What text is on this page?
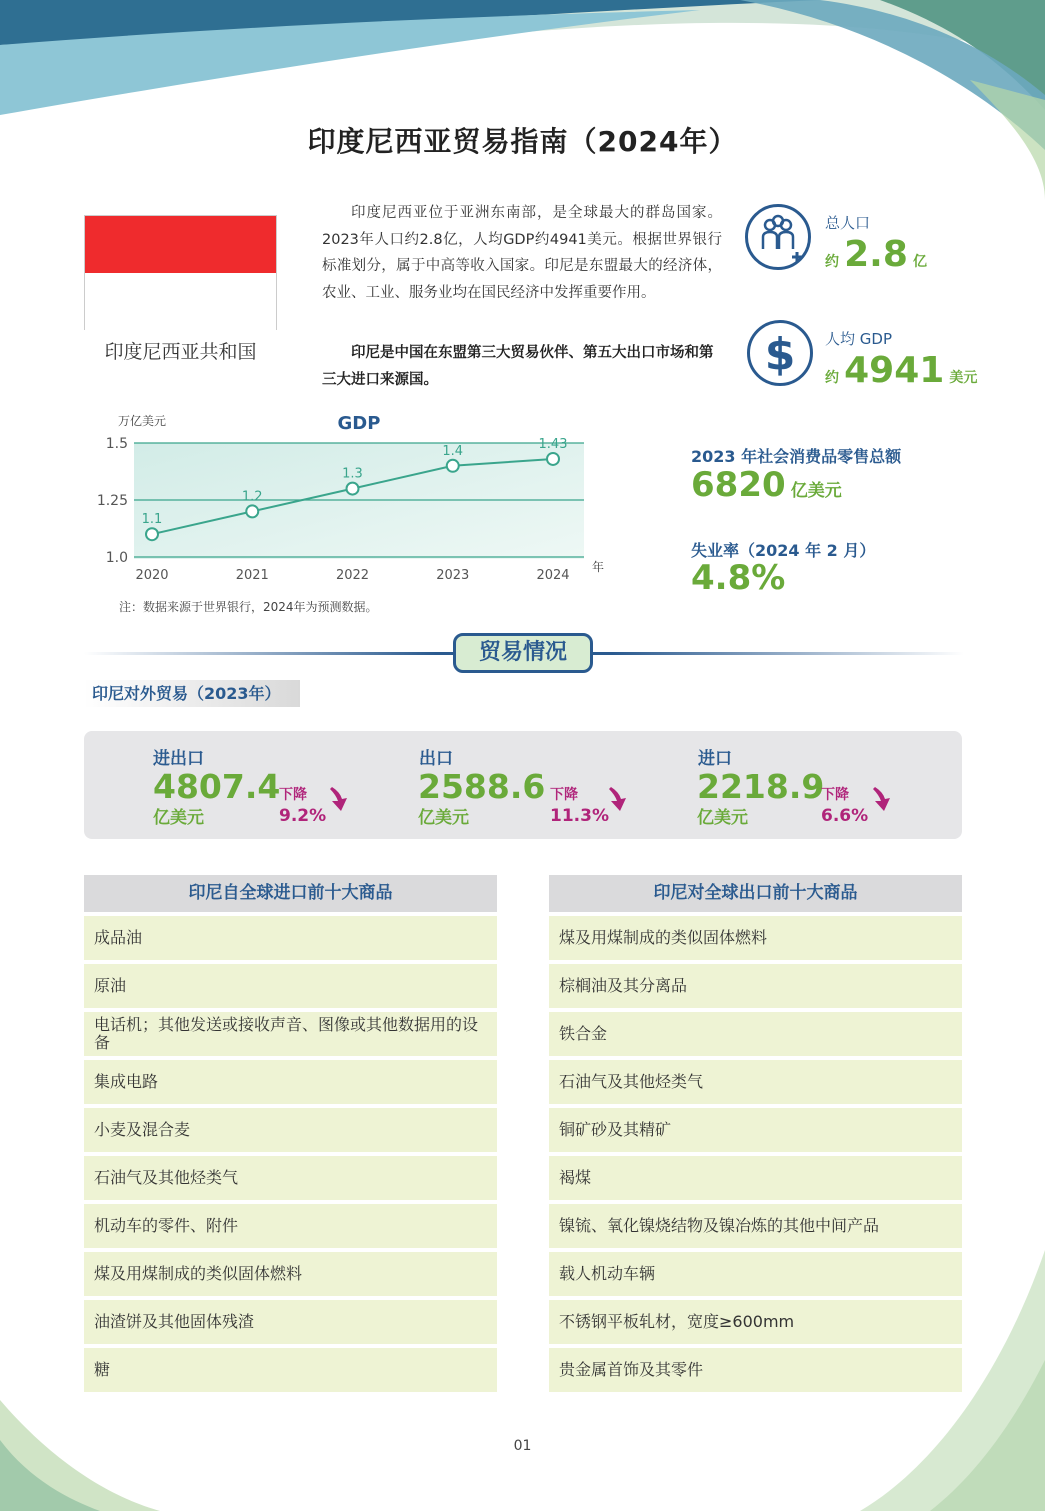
印度尼西亚贸易指南（2024年）
印度尼西亚共和国
印度尼西亚位于亚洲东南部，是全球最大的群岛国家。2023年人口约2.8亿，人均GDP约4941美元。根据世界银行标准划分，属于中高等收入国家。印尼是东盟最大的经济体，农业、工业、服务业均在国民经济中发挥重要作用。
印尼是中国在东盟第三大贸易伙伴、第五大出口市场和第三大进口来源国。
总人口
约 2.8 亿
$ 人均 GDP
约 4941 美元
1.0
1.25
1.5
2020	2021	2022	2023	2024
1.1
1.2
1.3
1.4	1.43
万亿美元	GDP
年
注：数据来源于世界银行，2024年为预测数据。
2023 年社会消费品零售总额
6820 亿美元
失业率（2024 年 2 月）
4.8%
贸易情况
印尼对外贸易（2023年）
进出口
4807.4
亿美元
下降
9.2%
出口
2588.6
亿美元
下降
11.3%
进口
2218.9
亿美元
下降
6.6%
印尼自全球进口前十大商品
成品油
原油
电话机；其他发送或接收声音、图像或其他数据用的设备
集成电路
小麦及混合麦
石油气及其他烃类气
机动车的零件、附件
煤及用煤制成的类似固体燃料
油渣饼及其他固体残渣
糖
印尼对全球出口前十大商品
煤及用煤制成的类似固体燃料
棕榈油及其分离品
铁合金
石油气及其他烃类气
铜矿砂及其精矿
褐煤
镍锍、氧化镍烧结物及镍冶炼的其他中间产品
载人机动车辆
不锈钢平板轧材，宽度≥600mm
贵金属首饰及其零件
01
